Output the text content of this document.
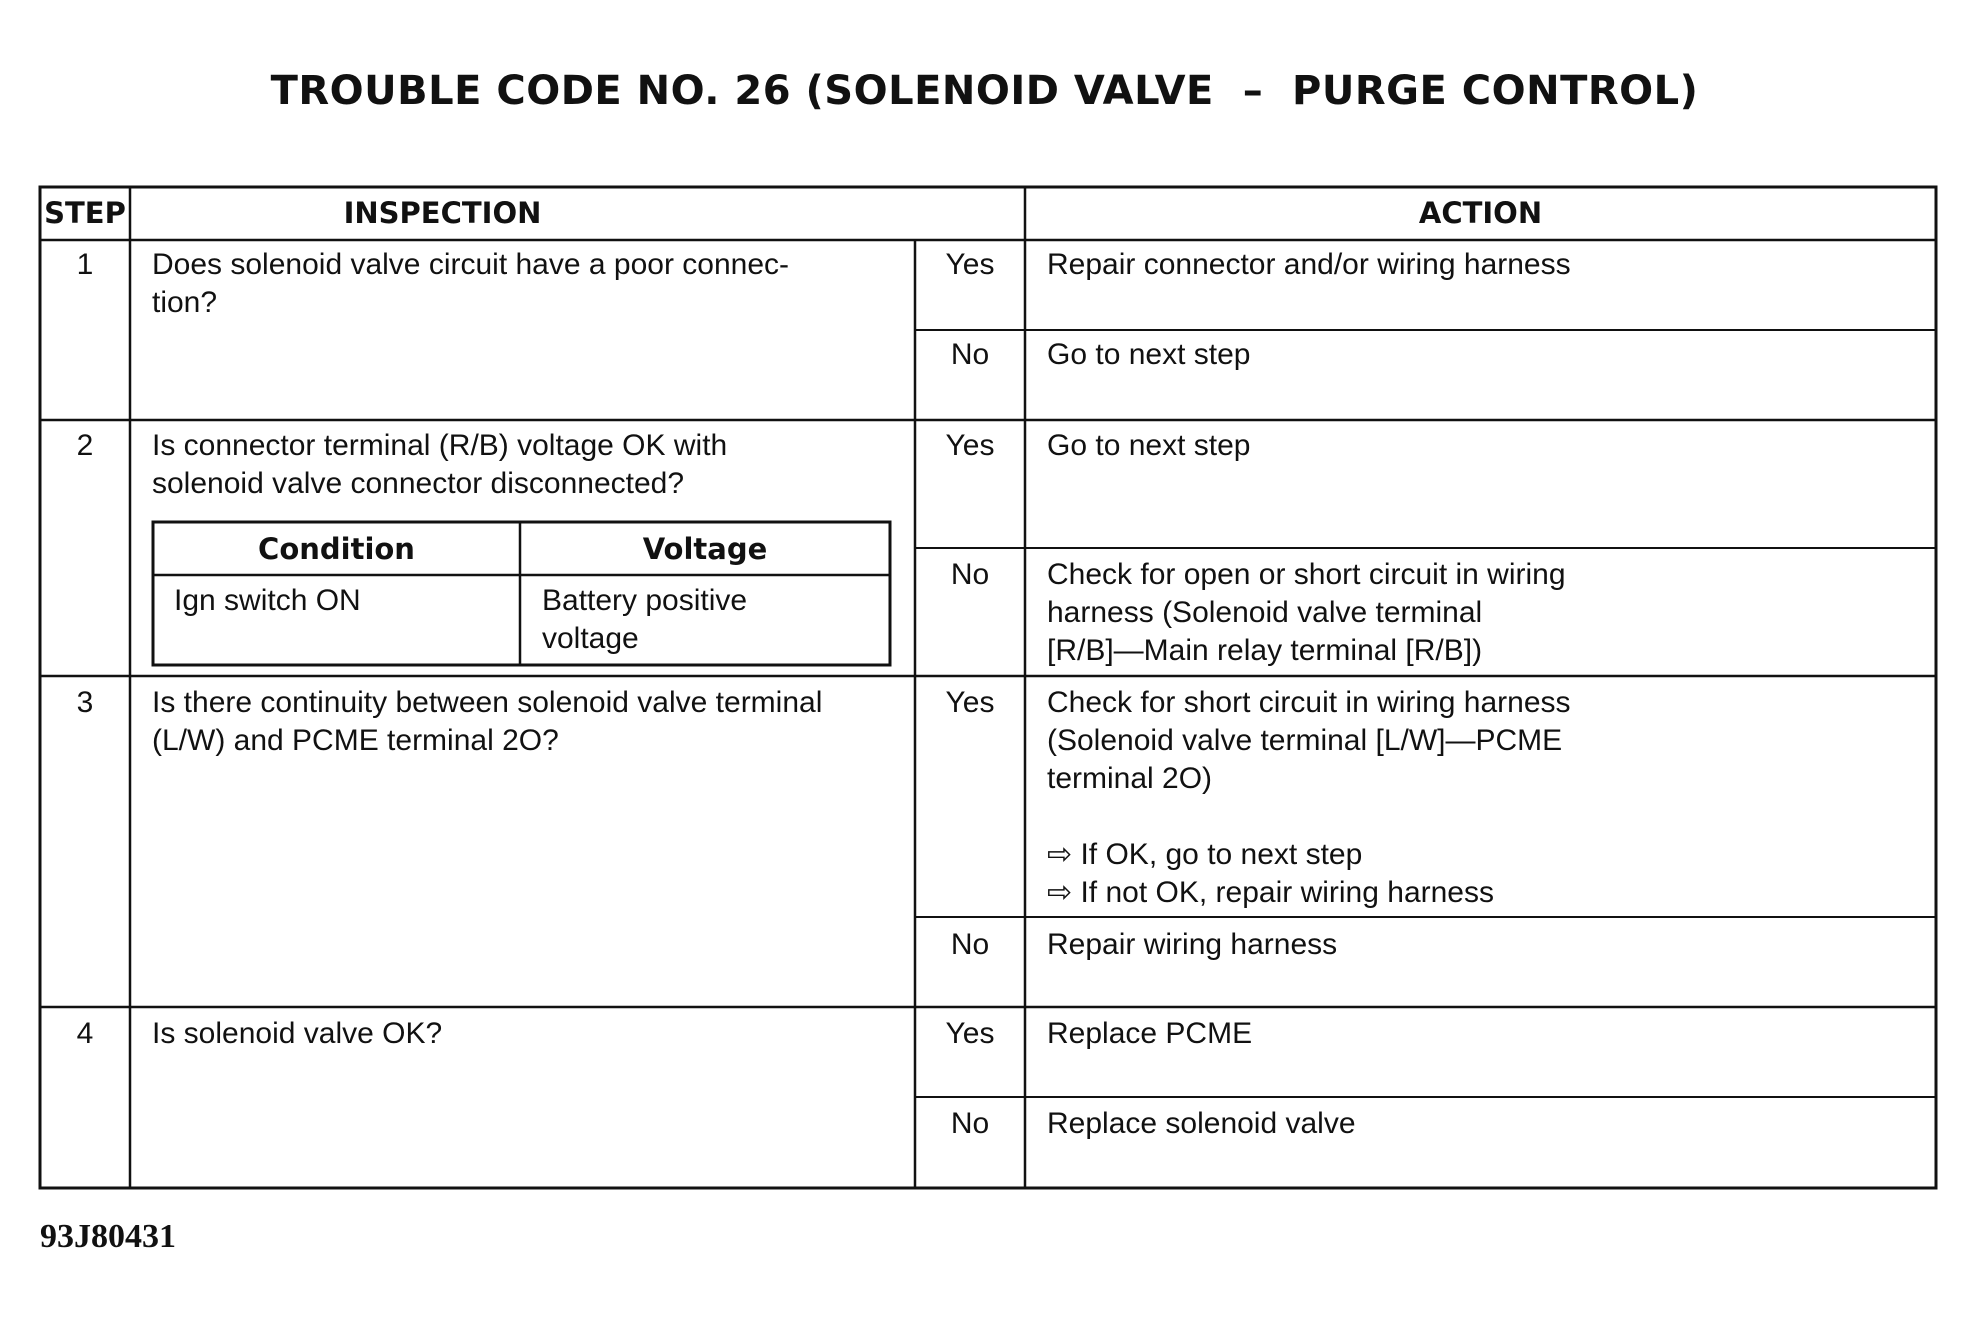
TROUBLE CODE NO. 26 (SOLENOID VALVE  –  PURGE CONTROL)
STEP	INSPECTION	ACTION
1	Does solenoid valve circuit have a poor connec-
tion?
Yes	Repair connector and/or wiring harness
No	Go to next step
2	Is connector terminal (R/B) voltage OK with
solenoid valve connector disconnected?
Condition	Voltage
Ign switch ON	Battery positive
voltage
Yes	Go to next step
No	Check for open or short circuit in wiring
harness (Solenoid valve terminal
[R/B]—Main relay terminal [R/B])
3	Is there continuity between solenoid valve terminal
(L/W) and PCME terminal 2O?
Yes	Check for short circuit in wiring harness
(Solenoid valve terminal [L/W]—PCME
terminal 2O)
⇨ If OK, go to next step
⇨ If not OK, repair wiring harness
No	Repair wiring harness
4	Is solenoid valve OK?	Yes	Replace PCME
No	Replace solenoid valve
93J80431
